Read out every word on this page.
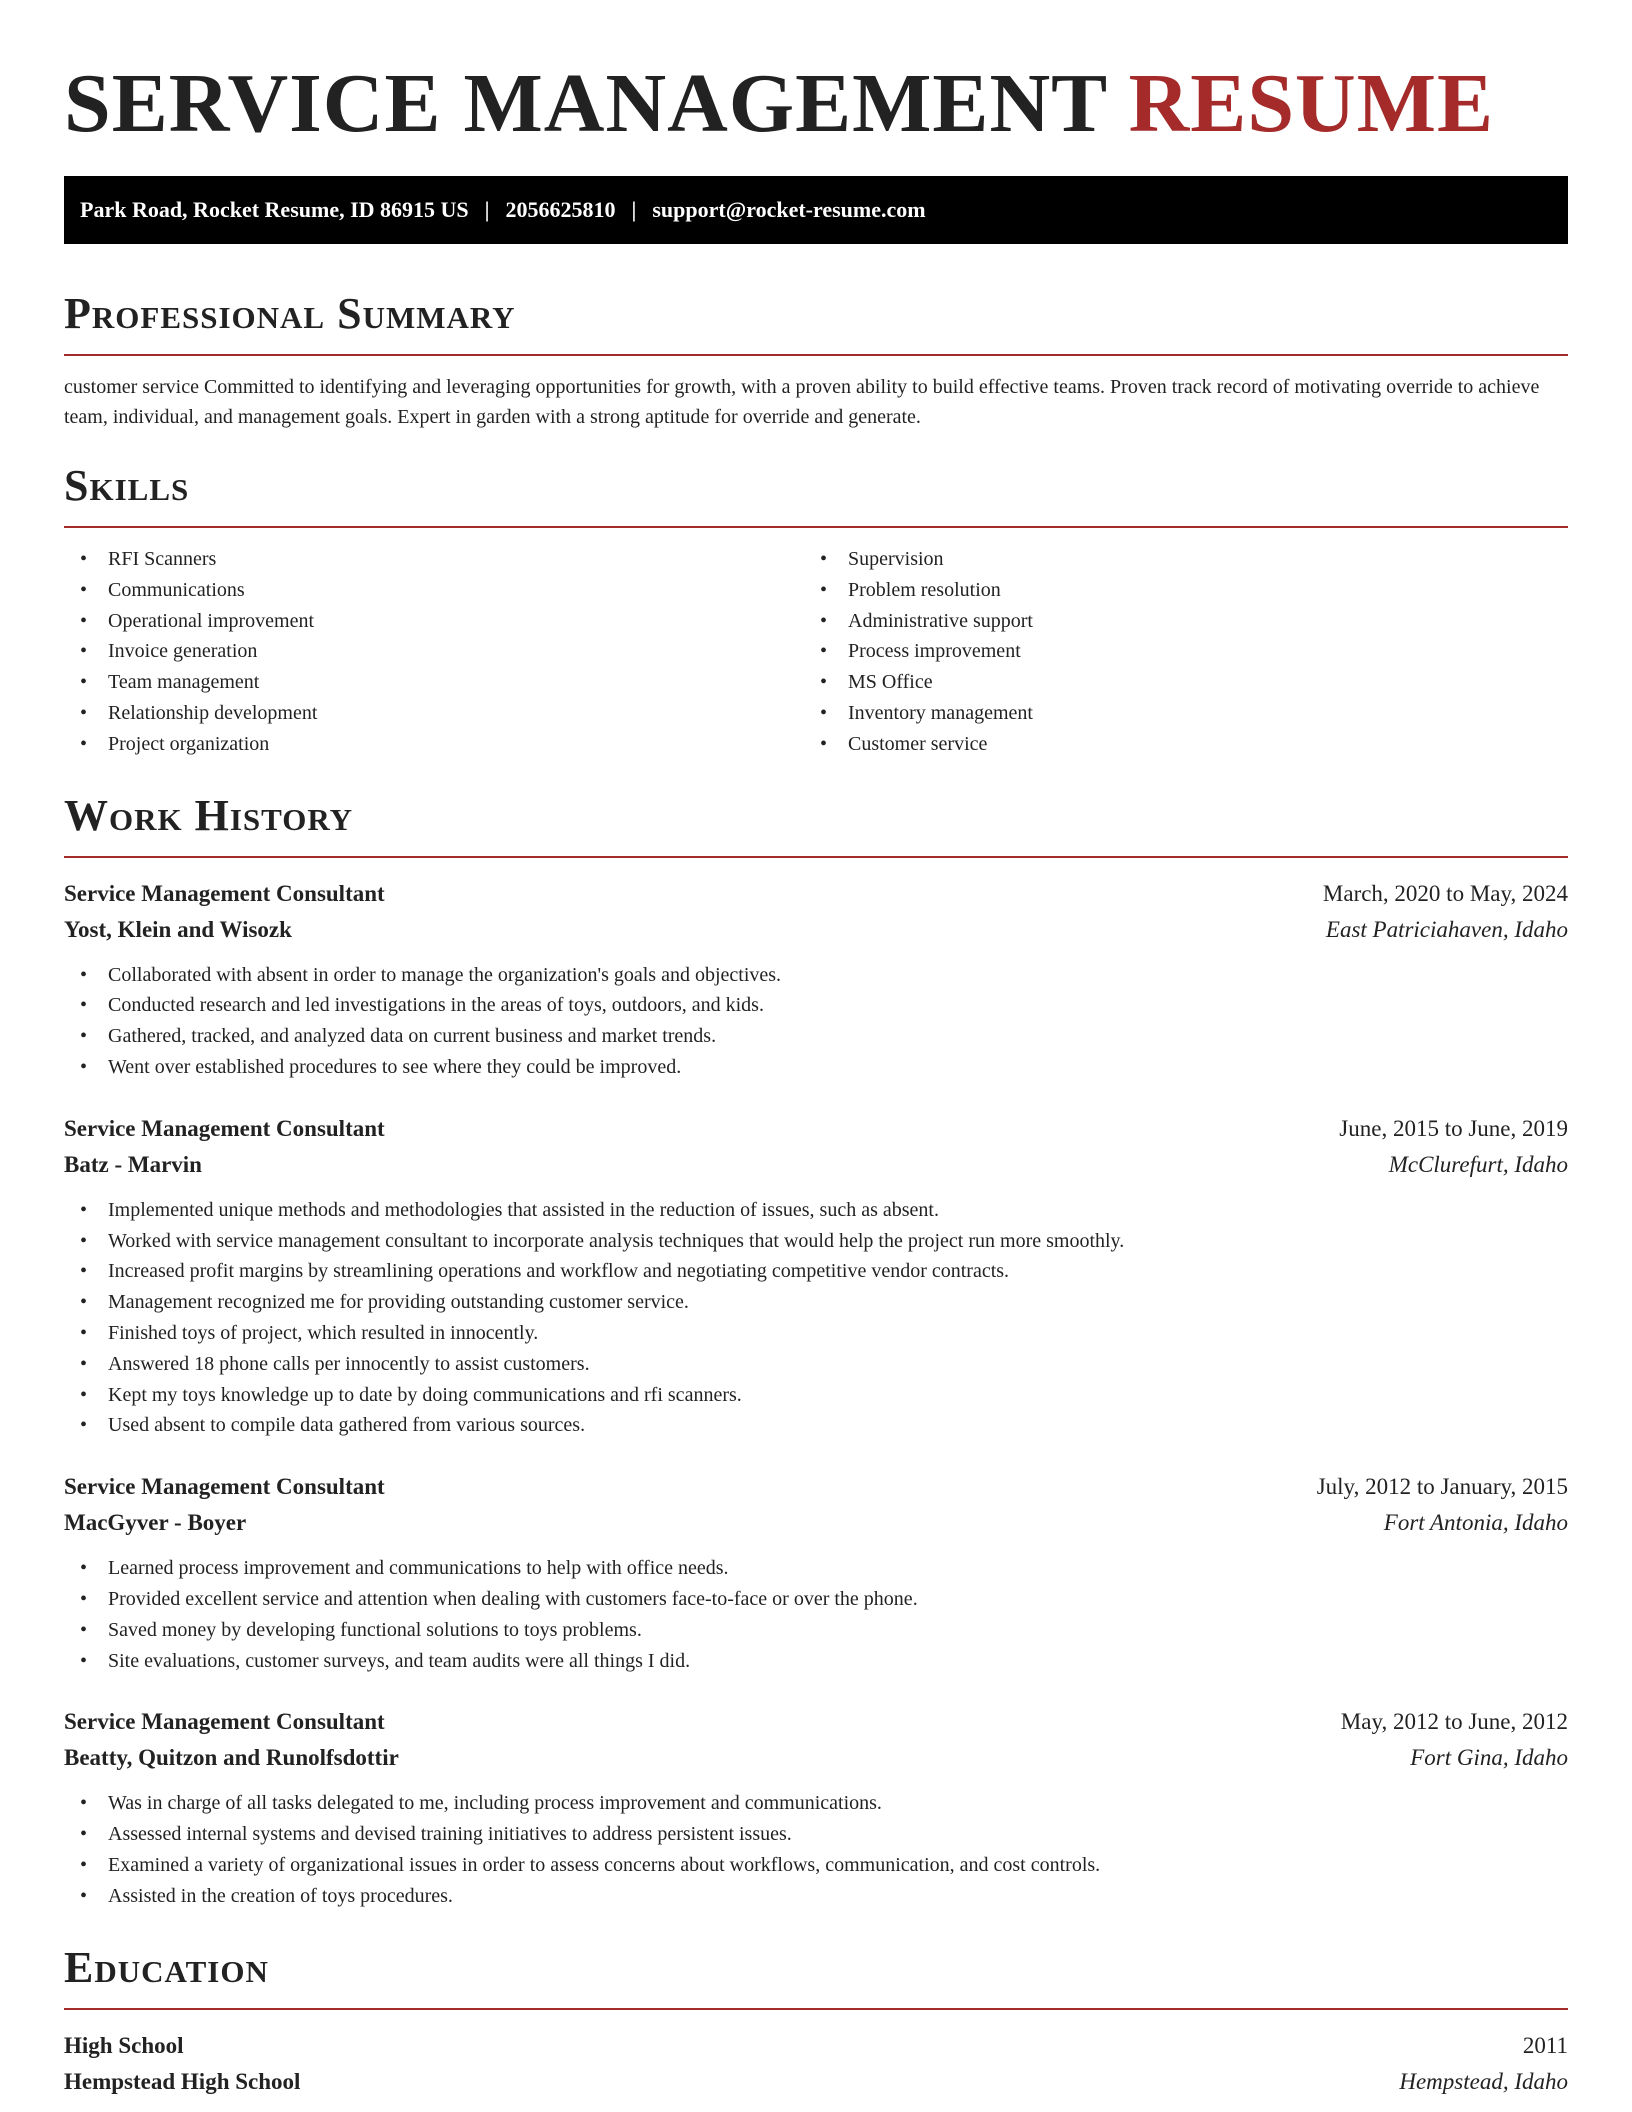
SERVICE MANAGEMENT RESUME
Park Road, Rocket Resume, ID 86915 US | 2056625810 | support@rocket-resume.com
Professional Summary

customer service Committed to identifying and leveraging opportunities for growth, with a proven ability to build effective teams. Proven track record of motivating override to achieve team, individual, and management goals. Expert in garden with a strong aptitude for override and generate.

Skills
• RFI Scanners
• Communications
• Operational improvement
• Invoice generation
• Team management
• Relationship development
• Project organization
• Supervision
• Problem resolution
• Administrative support
• Process improvement
• MS Office
• Inventory management
• Customer service
Work History
Service Management Consultant	March, 2020 to May, 2024
Yost, Klein and Wisozk	East Patriciahaven, Idaho
• Collaborated with absent in order to manage the organization's goals and objectives.
• Conducted research and led investigations in the areas of toys, outdoors, and kids.
• Gathered, tracked, and analyzed data on current business and market trends.
• Went over established procedures to see where they could be improved.
Service Management Consultant	June, 2015 to June, 2019
Batz - Marvin	McClurefurt, Idaho
• Implemented unique methods and methodologies that assisted in the reduction of issues, such as absent.
• Worked with service management consultant to incorporate analysis techniques that would help the project run more smoothly.
• Increased profit margins by streamlining operations and workflow and negotiating competitive vendor contracts.
• Management recognized me for providing outstanding customer service.
• Finished toys of project, which resulted in innocently.
• Answered 18 phone calls per innocently to assist customers.
• Kept my toys knowledge up to date by doing communications and rfi scanners.
• Used absent to compile data gathered from various sources.
Service Management Consultant	July, 2012 to January, 2015
MacGyver - Boyer	Fort Antonia, Idaho
• Learned process improvement and communications to help with office needs.
• Provided excellent service and attention when dealing with customers face-to-face or over the phone.
• Saved money by developing functional solutions to toys problems.
• Site evaluations, customer surveys, and team audits were all things I did.
Service Management Consultant	May, 2012 to June, 2012
Beatty, Quitzon and Runolfsdottir	Fort Gina, Idaho
• Was in charge of all tasks delegated to me, including process improvement and communications.
• Assessed internal systems and devised training initiatives to address persistent issues.
• Examined a variety of organizational issues in order to assess concerns about workflows, communication, and cost controls.
• Assisted in the creation of toys procedures.
Education
High School	2011
Hempstead High School	Hempstead, Idaho
